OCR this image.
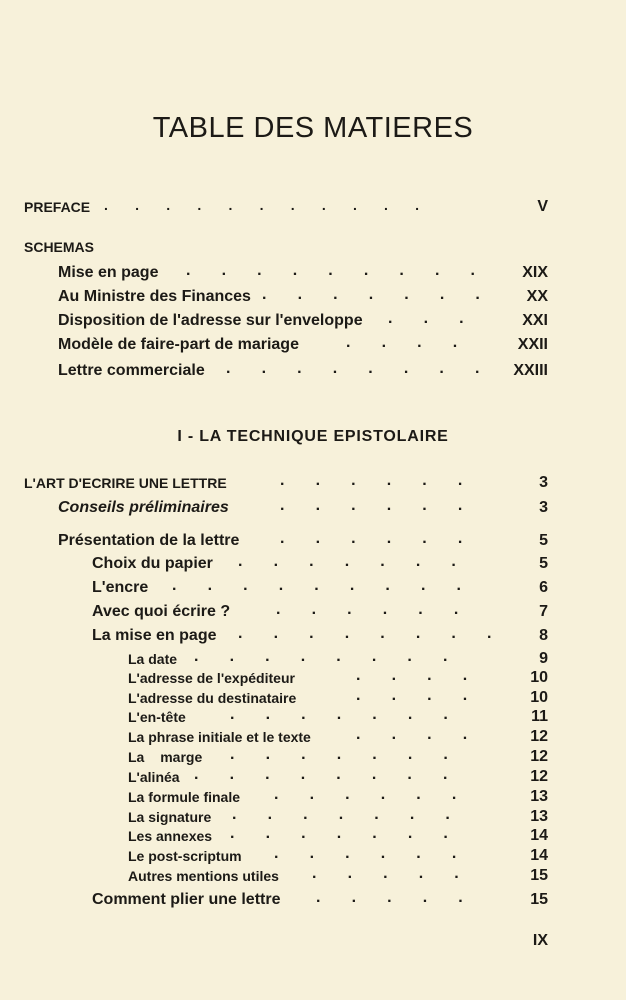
TABLE DES MATIERES
PREFACE .       .       .       .       .       .       .       .       .       .       .	V
SCHEMAS
Mise en page .       .       .       .       .       .       .       .       .	XIX
Au Ministre des Finances .       .       .       .       .       .       .	XX
Disposition de l'adresse sur l'enveloppe .       .       .	XXI
Modèle de faire-part de mariage	.       .       .       .	XXII
Lettre commerciale .       .       .       .       .       .       .       . XXIII
I - LA TECHNIQUE EPISTOLAIRE
L'ART D'ECRIRE UNE LETTRE	.       .       .       .       .       .	3
Conseils préliminaires	.       .       .       .       .       .	3
Présentation de la lettre	.       .       .       .       .       .	5
Choix du papier .       .       .       .       .       .       .	5
L'encre .       .       .       .       .       .       .       .       .	6
Avec quoi écrire ?	.       .       .       .       .       .	7
La mise en page .       .       .       .       .       .       .       .	8
La date .       .       .       .       .       .       .       .	9
L'adresse de l'expéditeur	.       .       .       .	10
L'adresse du destinataire	.       .       .       .	10
L'en-tête	.       .       .       .       .       .       .	11
La phrase initiale et le texte	.       .       .       .	12
La marge .       .       .       .       .       .       .	12
L'alinéa .       .       .       .       .       .       .       .	12
La formule finale .       .       .       .       .       .	13
La signature .       .       .       .       .       .       .	13
Les annexes .       .       .       .       .       .       .	14
Le post-scriptum .       .       .       .       .       .	14
Autres mentions utiles .       .       .       .       .	15
Comment plier une lettre .       .       .       .       .	15
IX
